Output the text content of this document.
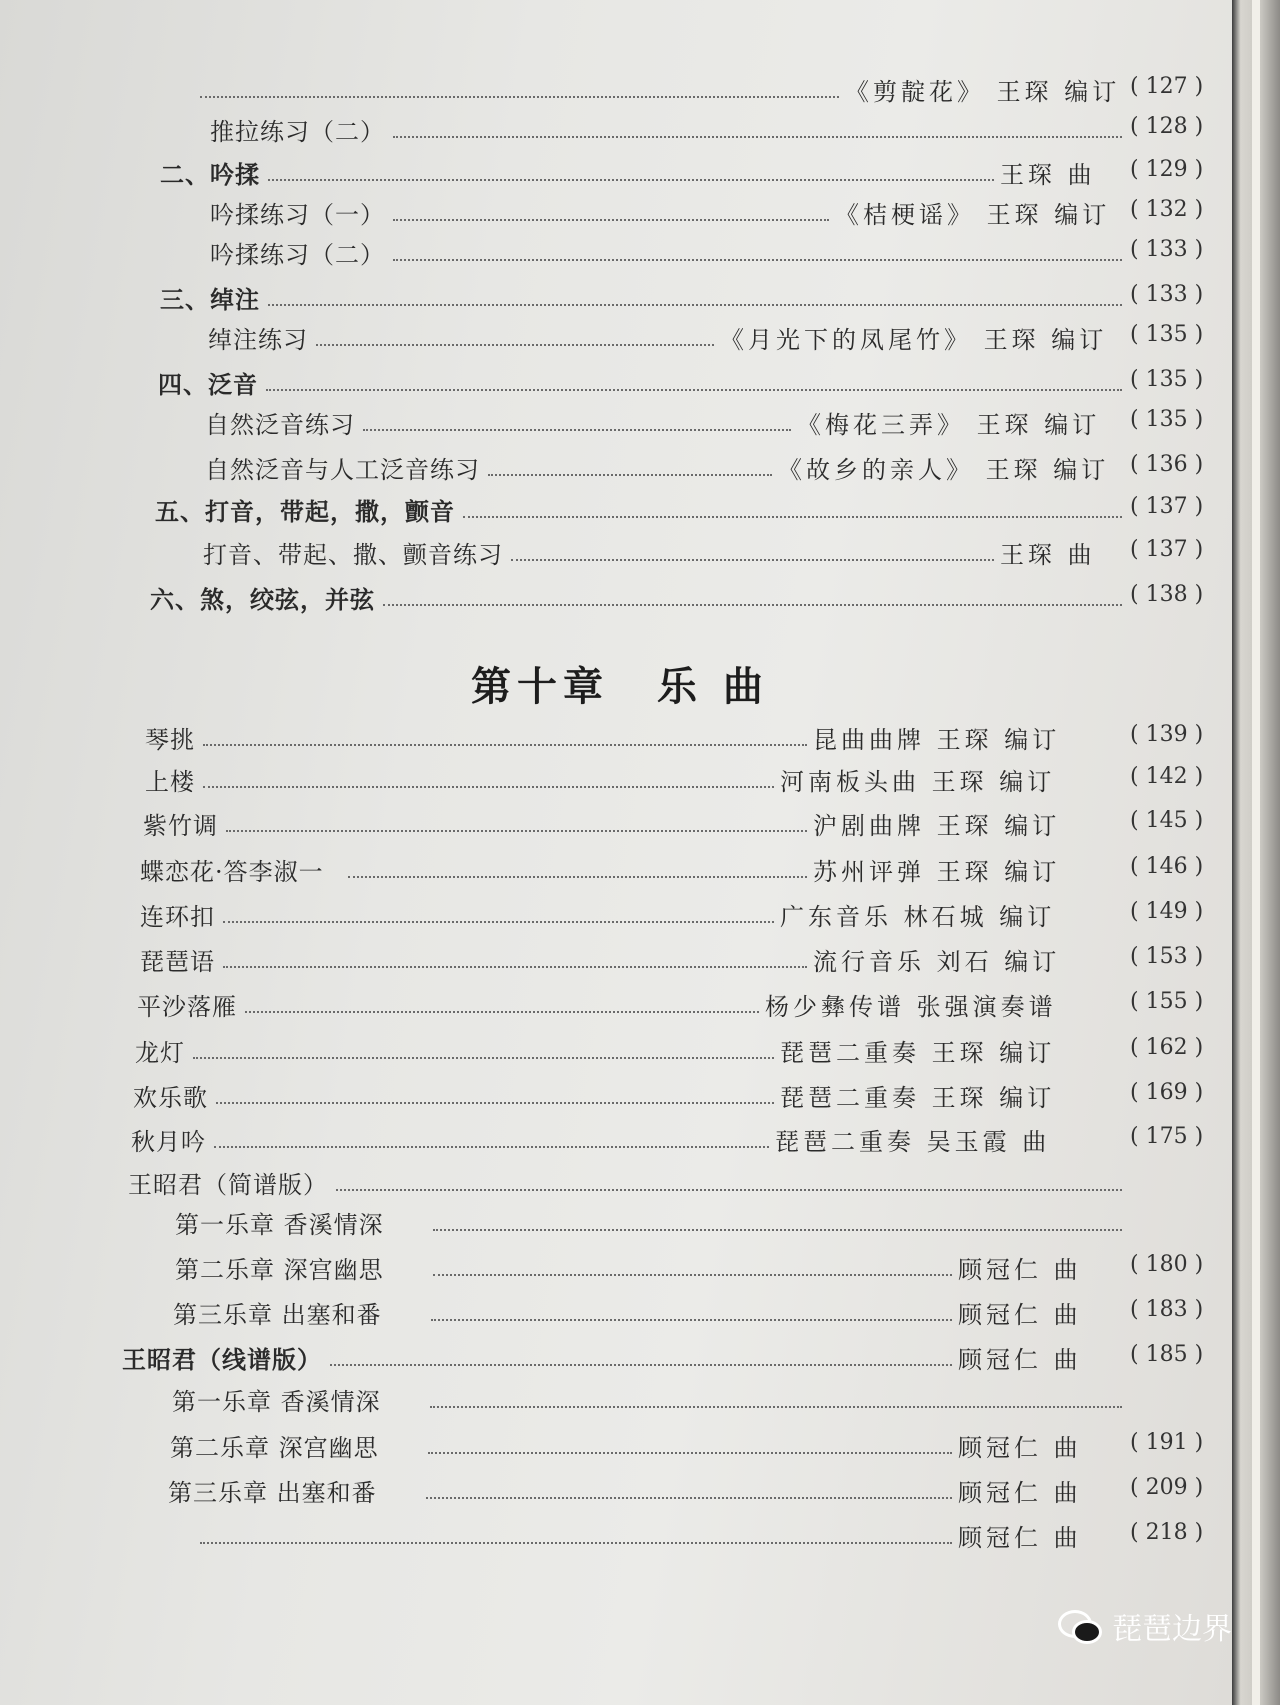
《剪靛花》 王琛 编订 ( 127 )
推拉练习（二）	( 128 )
二、吟揉	王琛 曲 ( 129 )
吟揉练习（一）	《桔梗谣》 王琛 编订 ( 132 )
吟揉练习（二）	( 133 )
三、绰注	( 133 )
绰注练习	《月光下的凤尾竹》 王琛 编订 ( 135 )
四、泛音	( 135 )
自然泛音练习	《梅花三弄》 王琛 编订 ( 135 )
自然泛音与人工泛音练习	《故乡的亲人》 王琛 编订 ( 136 )
五、打音，带起，撒，颤音	( 137 )
打音、带起、撒、颤音练习	王琛 曲 ( 137 )
六、煞，绞弦，并弦	( 138 )
第十章 乐 曲
琴挑	昆曲曲牌 王琛 编订	( 139 )
上楼	河南板头曲 王琛 编订	( 142 )
紫竹调	沪剧曲牌 王琛 编订	( 145 )
蝶恋花·答李淑一	苏州评弹 王琛 编订	( 146 )
连环扣	广东音乐 林石城 编订	( 149 )
琵琶语	流行音乐 刘石 编订	( 153 )
平沙落雁	杨少彝传谱 张强演奏谱	( 155 )
龙灯	琵琶二重奏 王琛 编订	( 162 )
欢乐歌	琵琶二重奏 王琛 编订	( 169 )
秋月吟	琵琶二重奏 吴玉霞 曲	( 175 )
王昭君（简谱版）
第一乐章 香溪情深
第二乐章 深宫幽思	顾冠仁 曲 ( 180 )
第三乐章 出塞和番	顾冠仁 曲 ( 183 )
王昭君（线谱版）	顾冠仁 曲 ( 185 )
第一乐章 香溪情深
第二乐章 深宫幽思	顾冠仁 曲 ( 191 )
第三乐章 出塞和番	顾冠仁 曲 ( 209 )
顾冠仁 曲 ( 218 )
琵琶边界
